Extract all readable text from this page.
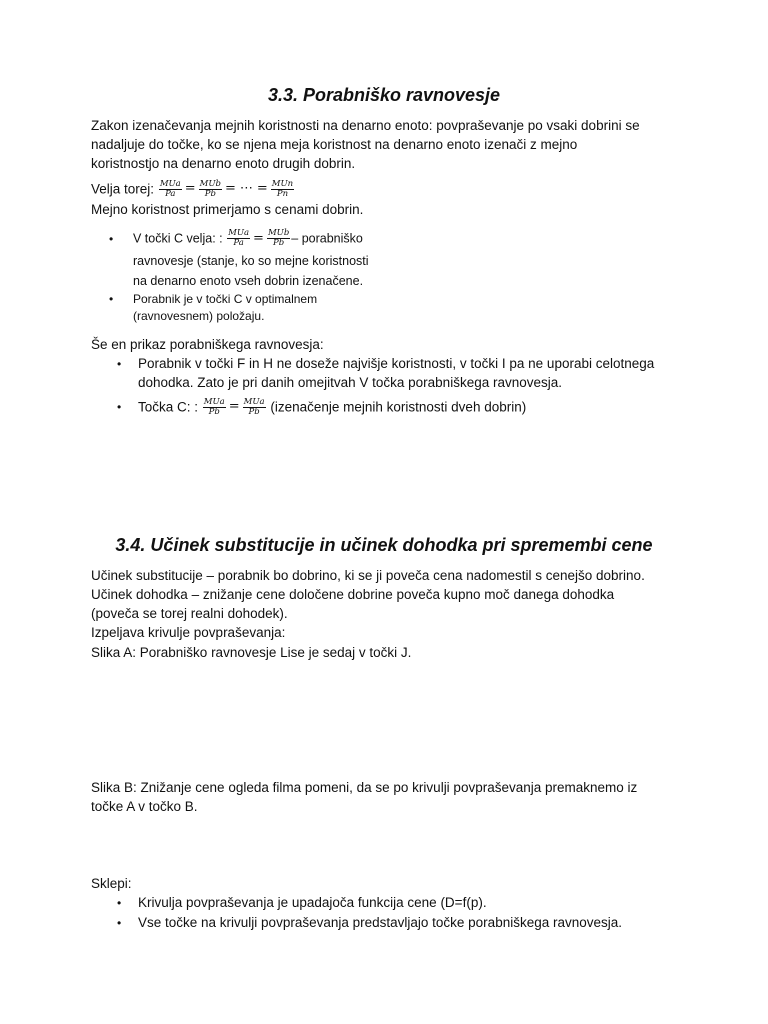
3.3. Porabniško ravnovesje
Zakon izenačevanja mejnih koristnosti na denarno enoto: povpraševanje po vsaki dobrini se
nadaljuje do točke, ko se njena meja koristnost na denarno enoto izenači z mejno
koristnostjo na denarno enoto drugih dobrin.
Velja torej: $\frac{\text{MUa}}{Pa} = \frac{\text{MUb}}{Pb}$ = ⋯ = $\frac{\text{MUn}}{Pn}$
Mejno koristnost primerjamo s cenami dobrin.
• V točki C velja: : $\frac{\text{MUa}}{Pa} = \frac{\text{MUb}}{Pb}$ – porabniško
ravnovesje (stanje, ko so mejne koristnosti
na denarno enoto vseh dobrin izenačene.
• Porabnik je v točki C v optimalnem
(ravnovesnem) položaju.
Še en prikaz porabniškega ravnovesja:
• Porabnik v točki F in H ne doseže najvišje koristnosti, v točki I pa ne uporabi celotnega
dohodka. Zato je pri danih omejitvah V točka porabniškega ravnovesja.
• Točka C: : $\frac{\text{MUa}}{Pb} = \frac{\text{MUa}}{Pb}$ (izenačenje mejnih koristnosti dveh dobrin)
3.4. Učinek substitucije in učinek dohodka pri spremembi cene
Učinek substitucije – porabnik bo dobrino, ki se ji poveča cena nadomestil s cenejšo dobrino.
Učinek dohodka – znižanje cene določene dobrine poveča kupno moč danega dohodka
(poveča se torej realni dohodek).
Izpeljava krivulje povpraševanja:
Slika A: Porabniško ravnovesje Lise je sedaj v točki J.
Slika B: Znižanje cene ogleda filma pomeni, da se po krivulji povpraševanja premaknemo iz
točke A v točko B.
Sklepi:
• Krivulja povpraševanja je upadajoča funkcija cene (D=f(p).
• Vse točke na krivulji povpraševanja predstavljajo točke porabniškega ravnovesja.
